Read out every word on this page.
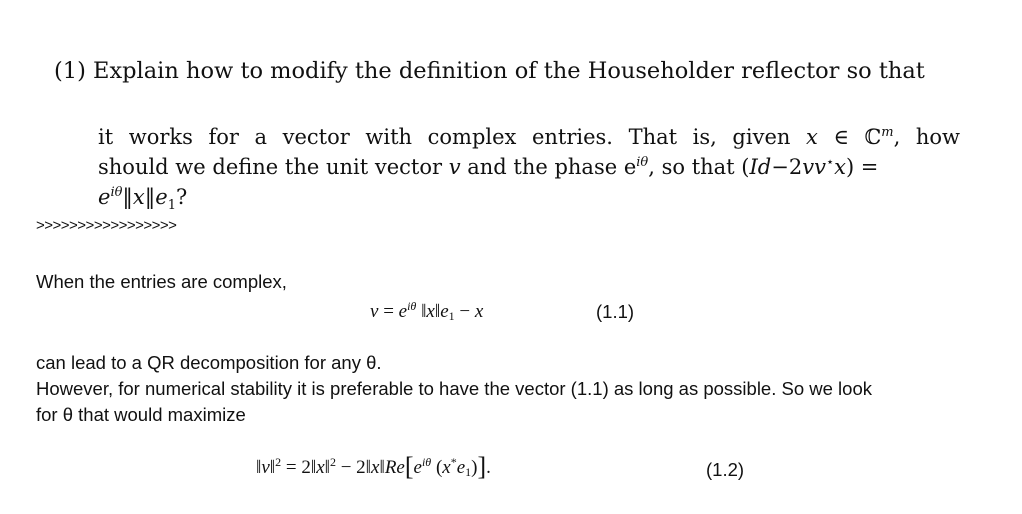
(1) Explain how to modify the definition of the Householder reflector so that
it works for a vector with complex entries. That is, given x ∈ ℂ$^m$, how
should we define the unit vector v and the phase $e^{i\theta}$, so that (Id−2vv⋆x) =
$e^{i\theta}‖x‖e_1$?
>>>>>>>>>>>>>>>>>
When the entries are complex,
$v = e^{i\theta}$ $‖x‖e_1 - x$	(1.1)
can lead to a QR decomposition for any θ.
However, for numerical stability it is preferable to have the vector (1.1) as long as possible. So we look
for θ that would maximize
‖v‖$^2$ = 2‖x‖$^2$ − $2‖x‖Re[e^{i\theta}$ $(x^*e_1)$].	(1.2)
